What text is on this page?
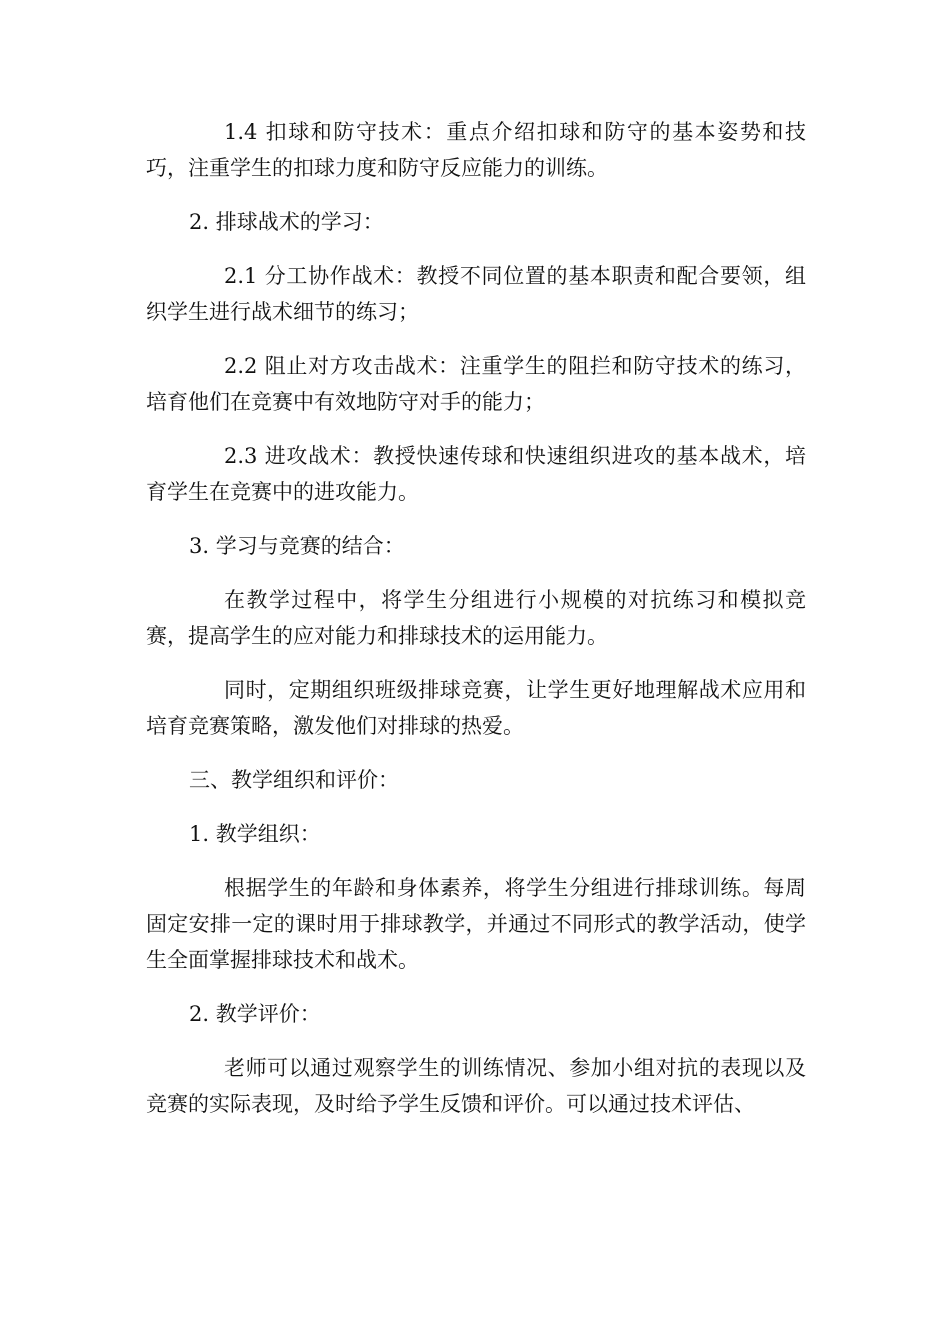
1.4 扣球和防守技术：重点介绍扣球和防守的基本姿势和技巧，注重学生的扣球力度和防守反应能力的训练。

2. 排球战术的学习：

2.1 分工协作战术：教授不同位置的基本职责和配合要领，组织学生进行战术细节的练习；

2.2 阻止对方攻击战术：注重学生的阻拦和防守技术的练习，培育他们在竞赛中有效地防守对手的能力；

2.3 进攻战术：教授快速传球和快速组织进攻的基本战术，培育学生在竞赛中的进攻能力。

3. 学习与竞赛的结合：

在教学过程中，将学生分组进行小规模的对抗练习和模拟竞赛，提高学生的应对能力和排球技术的运用能力。

同时，定期组织班级排球竞赛，让学生更好地理解战术应用和培育竞赛策略，激发他们对排球的热爱。

三、教学组织和评价：

1. 教学组织：

根据学生的年龄和身体素养，将学生分组进行排球训练。每周固定安排一定的课时用于排球教学，并通过不同形式的教学活动，使学生全面掌握排球技术和战术。

2. 教学评价：

老师可以通过观察学生的训练情况、参加小组对抗的表现以及竞赛的实际表现，及时给予学生反馈和评价。可以通过技术评估、
